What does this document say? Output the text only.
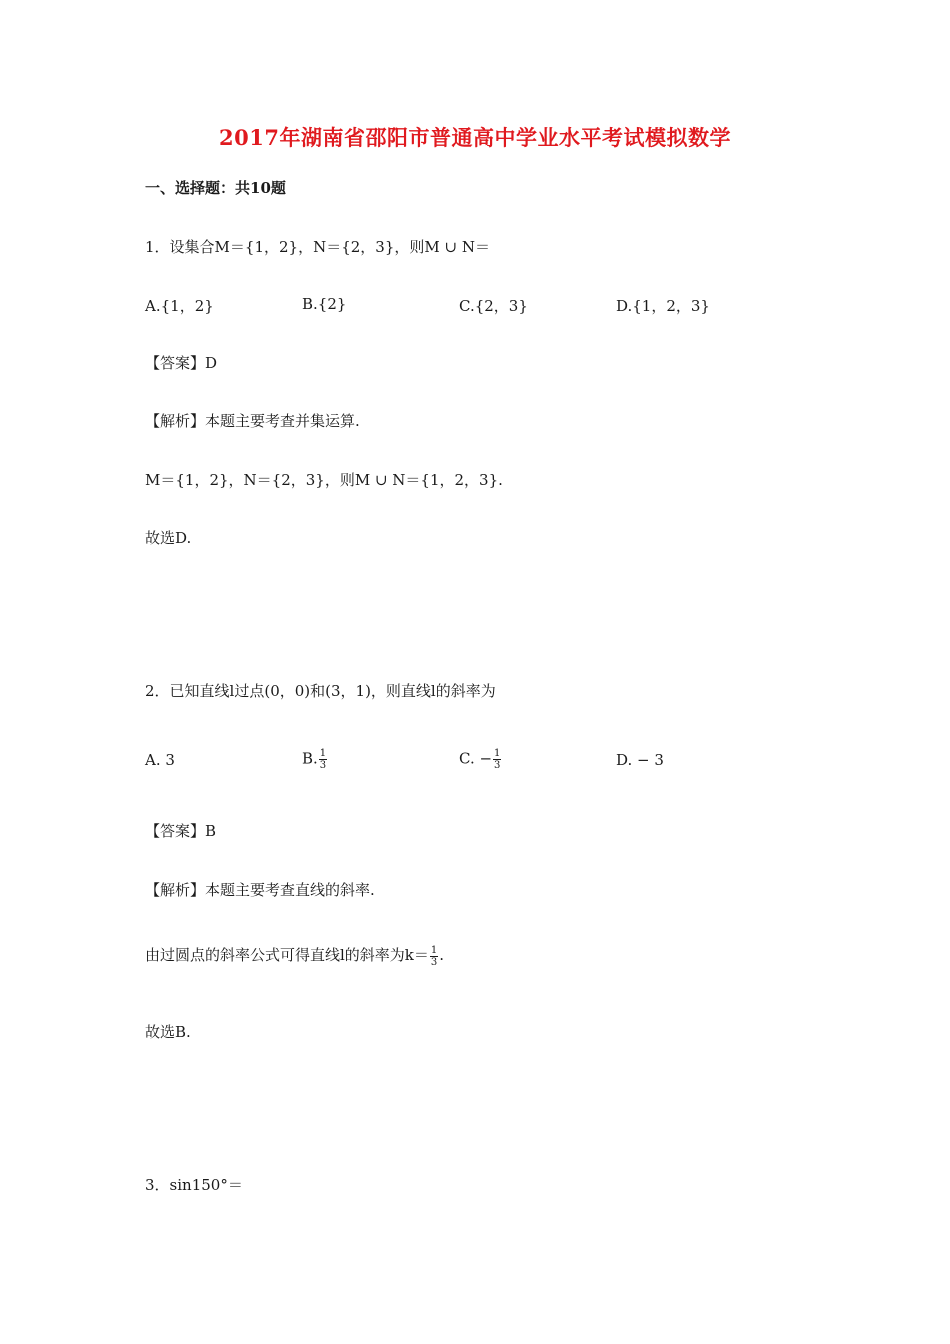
2017年湖南省邵阳市普通高中学业水平考试模拟数学
一、选择题：共10题
1．设集合M＝{1，2}，N＝{2，3}，则M ∪ N＝
A.{1，2}	B.{2}	C.{2，3}	D.{1，2，3}
【答案】D
【解析】本题主要考查并集运算.
M＝{1，2}，N＝{2，3}，则M ∪ N＝{1，2，3}.
故选D.
2．已知直线l过点(0，0)和(3，1)，则直线l的斜率为
A. 3	B. $\frac{1}{3}$	C. − $\frac{1}{3}$	D. − 3
【答案】B
【解析】本题主要考查直线的斜率.
由过圆点的斜率公式可得直线l的斜率为$k= \frac{1}{3}$ .
故选B.
3．sin150°＝
